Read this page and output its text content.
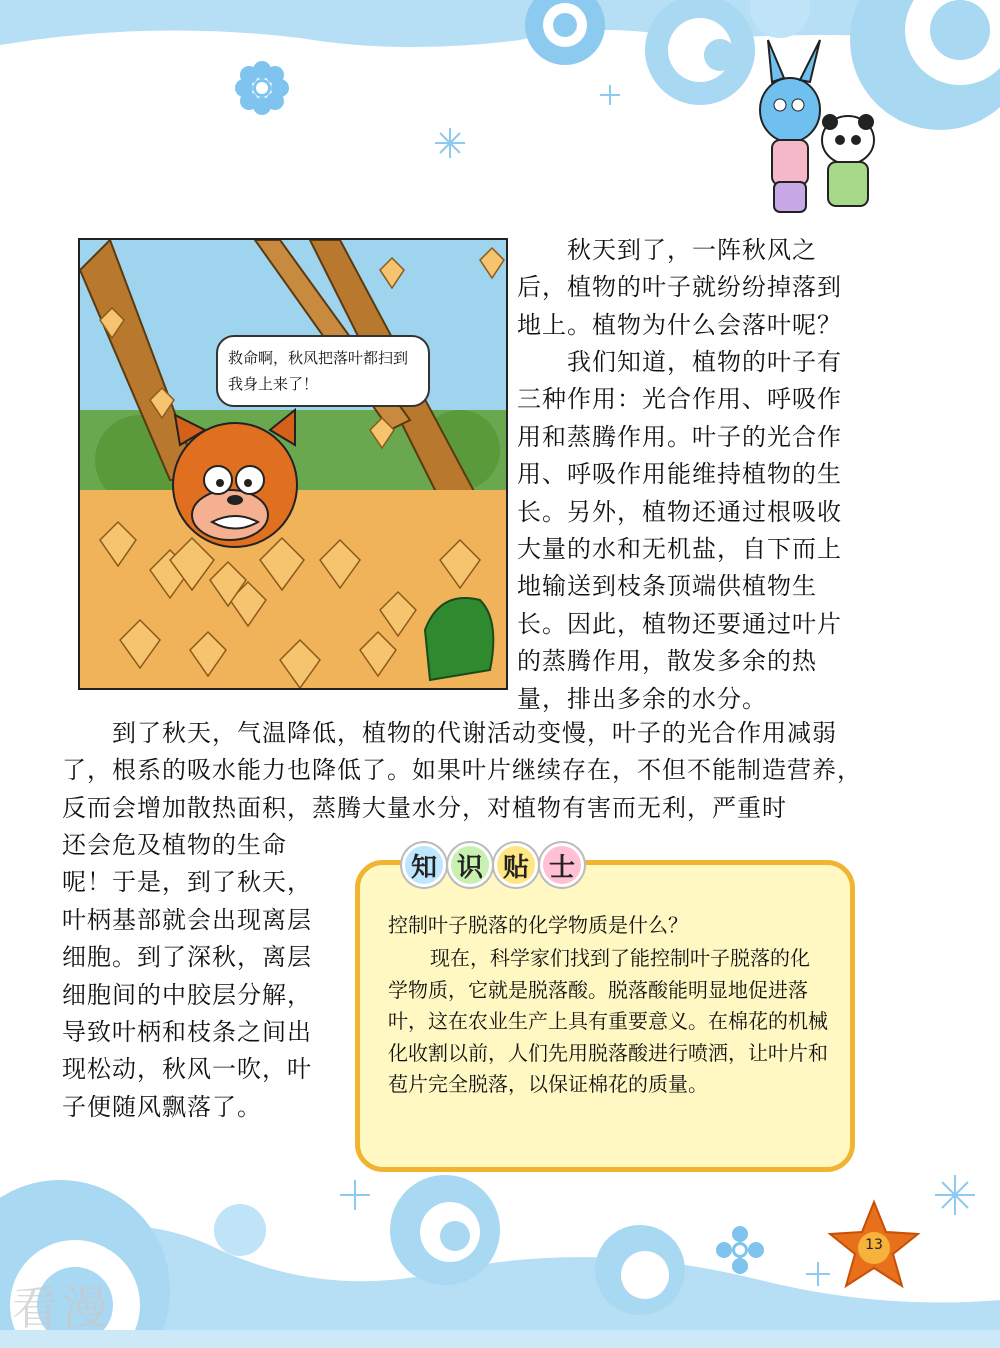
救命啊，秋风把落叶都扫到我身上来了！

秋天到了，一阵秋风之后，植物的叶子就纷纷掉落到地上。植物为什么会落叶呢？

我们知道，植物的叶子有三种作用：光合作用、呼吸作用和蒸腾作用。叶子的光合作用、呼吸作用能维持植物的生长。另外，植物还通过根吸收大量的水和无机盐，自下而上地输送到枝条顶端供植物生长。因此，植物还要通过叶片的蒸腾作用，散发多余的热量，排出多余的水分。

到了秋天，气温降低，植物的代谢活动变慢，叶子的光合作用减弱了，根系的吸水能力也降低了。如果叶片继续存在，不但不能制造营养，反而会增加散热面积，蒸腾大量水分，对植物有害而无利，严重时

还会危及植物的生命呢！于是，到了秋天，叶柄基部就会出现离层细胞。到了深秋，离层细胞间的中胶层分解，导致叶柄和枝条之间出现松动，秋风一吹，叶子便随风飘落了。

知 识 贴 士

控制叶子脱落的化学物质是什么？

现在，科学家们找到了能控制叶子脱落的化学物质，它就是脱落酸。脱落酸能明显地促进落叶，这在农业生产上具有重要意义。在棉花的机械化收割以前，人们先用脱落酸进行喷洒，让叶片和苞片完全脱落，以保证棉花的质量。

13
看漫
